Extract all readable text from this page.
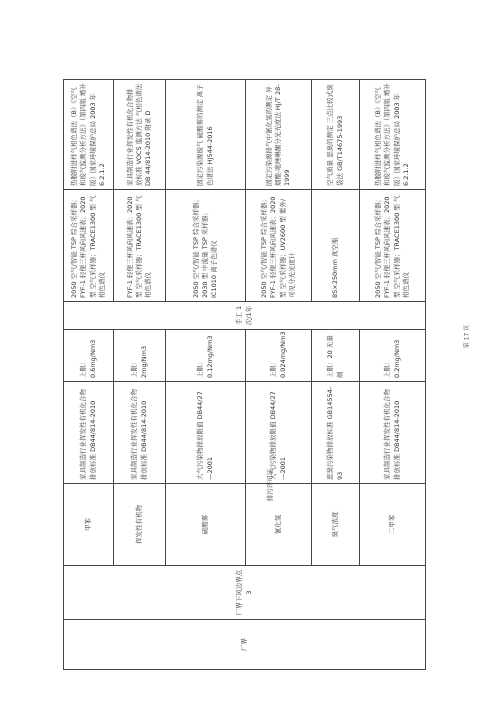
厂界	厂界下风边界点3	甲苯	家具制造行业挥发性有机化合物排放标准 DB44/814-2010	上限：0.6mg/Nm3	手工 1次/1年	2050 空气/智能 TSP 综合采样器；FYF-1 轻便三杯风向风速表；2020 型 空气采样器；TRACE1300 型 气相色谱仪	热脱附进样气相色谱法（B）《空气和废气监测分析方法》（第四版 增补版）国家环境保护总局 2003 年 6.2.1.2
		挥发性有机物	家具制造行业挥发性有机化合物排放标准 DB44/814-2010	上限：2mg/Nm3		FYF-1 轻便三杯风向风速表；2020 型 空气采样器；TRACE1300 型 气相色谱仪	家具制造行业挥发性有机化合物排放标准 VOCS 监测方法 气相色谱法 DB 44/814-2010 附录 D
		硫酸雾	大气污染物排放限值 DB44/27—2001	上限：0.12mg/Nm3		2050 空气/智能 TSP 综合采样器；2030 型 中流量 TSP 采样器；IC1010 离子色谱仪	固定污染源废气 硫酸雾的测定 离子色谱法 HJ544-2016
		氰化氢	大气污染物排放限值 DB44/27—2001	上限：0.024mg/Nm3		2050 空气/智能 TSP 综合采样器；FYF-1 轻便三杯风向风速表；2020 型 空气采样器；UV2600 型 紫外/可见分光光度计	固定污染源排气中氰化氢的测定 异烟酸-吡唑啉酮分光光度法 HJ/T 28-1999
		臭气浓度	恶臭污染物排放标准 GB14554-93	上限：20 无量纲		8S×250mm 真空瓶	空气质量 恶臭的测定 三点比较式臭袋法 GB/T14675-1993
		二甲苯	家具制造行业挥发性有机化合物排放标准 DB44/814-2010	上限：0.2mg/Nm3		2050 空气/智能 TSP 综合采样器；FYF-1 轻便三杯风向风速表；2020 型 空气采样器；TRACE1300 型 气相色谱仪	热脱附进样气相色谱法（B）《空气和废气监测分析方法》（第四版 增补版）国家环境保护总局 2003 年 6.2.1.2
排污许可证
第 17 页
